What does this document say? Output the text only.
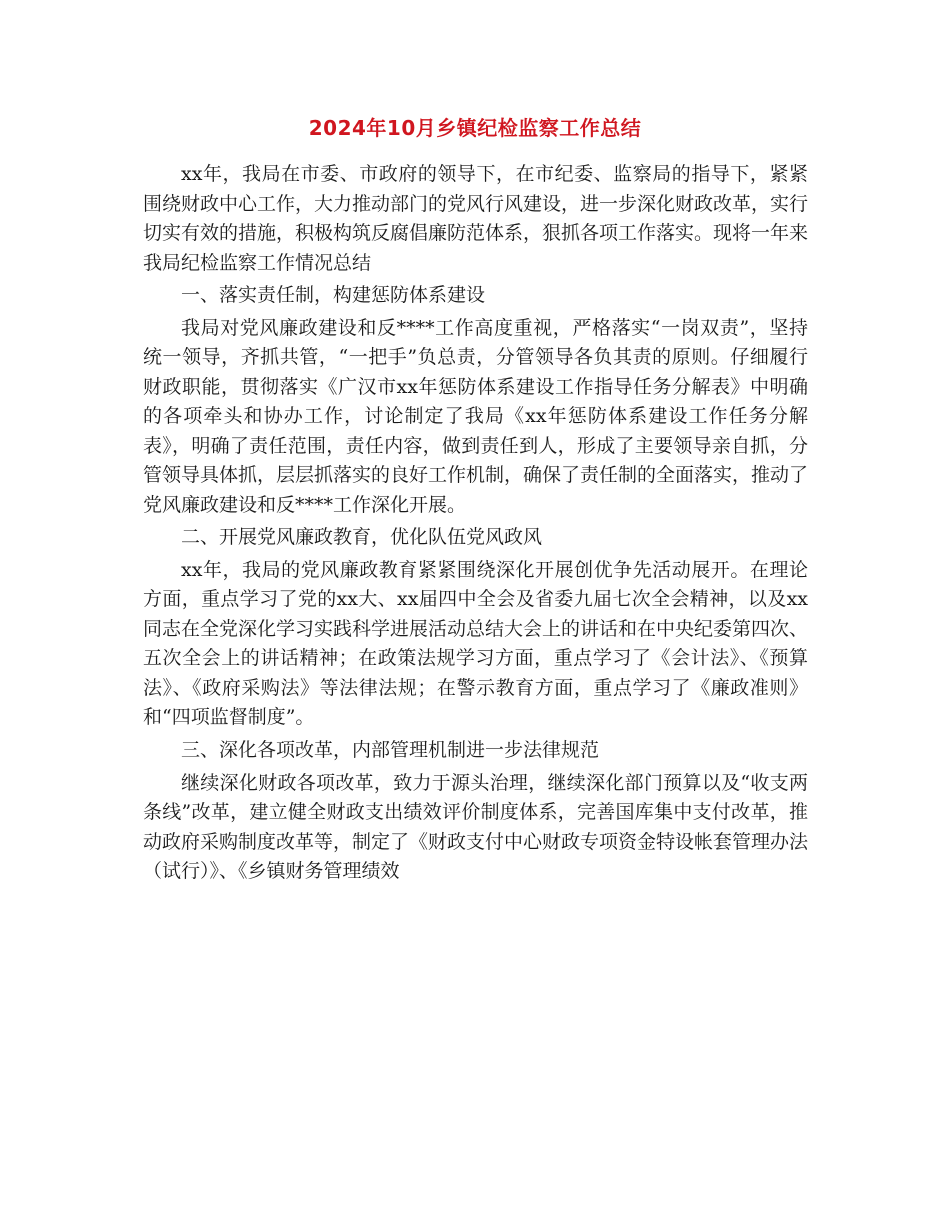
2024年10月乡镇纪检监察工作总结

xx年，我局在市委、市政府的领导下，在市纪委、监察局的指导下，紧紧围绕财政中心工作，大力推动部门的党风行风建设，进一步深化财政改革，实行切实有效的措施，积极构筑反腐倡廉防范体系，狠抓各项工作落实。现将一年来我局纪检监察工作情况总结

一、落实责任制，构建惩防体系建设

我局对党风廉政建设和反****工作高度重视，严格落实“一岗双责”，坚持统一领导，齐抓共管，“一把手”负总责，分管领导各负其责的原则。仔细履行财政职能，贯彻落实《广汉市xx年惩防体系建设工作指导任务分解表》中明确的各项牵头和协办工作，讨论制定了我局《xx年惩防体系建设工作任务分解表》，明确了责任范围，责任内容，做到责任到人，形成了主要领导亲自抓，分管领导具体抓，层层抓落实的良好工作机制，确保了责任制的全面落实，推动了党风廉政建设和反****工作深化开展。

二、开展党风廉政教育，优化队伍党风政风

xx年，我局的党风廉政教育紧紧围绕深化开展创优争先活动展开。在理论方面，重点学习了党的xx大、xx届四中全会及省委九届七次全会精神，以及xx同志在全党深化学习实践科学进展活动总结大会上的讲话和在中央纪委第四次、五次全会上的讲话精神；在政策法规学习方面，重点学习了《会计法》、《预算法》、《政府采购法》等法律法规；在警示教育方面，重点学习了《廉政准则》和“四项监督制度”。

三、深化各项改革，内部管理机制进一步法律规范

继续深化财政各项改革，致力于源头治理，继续深化部门预算以及“收支两条线”改革，建立健全财政支出绩效评价制度体系，完善国库集中支付改革，推动政府采购制度改革等，制定了《财政支付中心财政专项资金特设帐套管理办法（试行）》、《乡镇财务管理绩效
